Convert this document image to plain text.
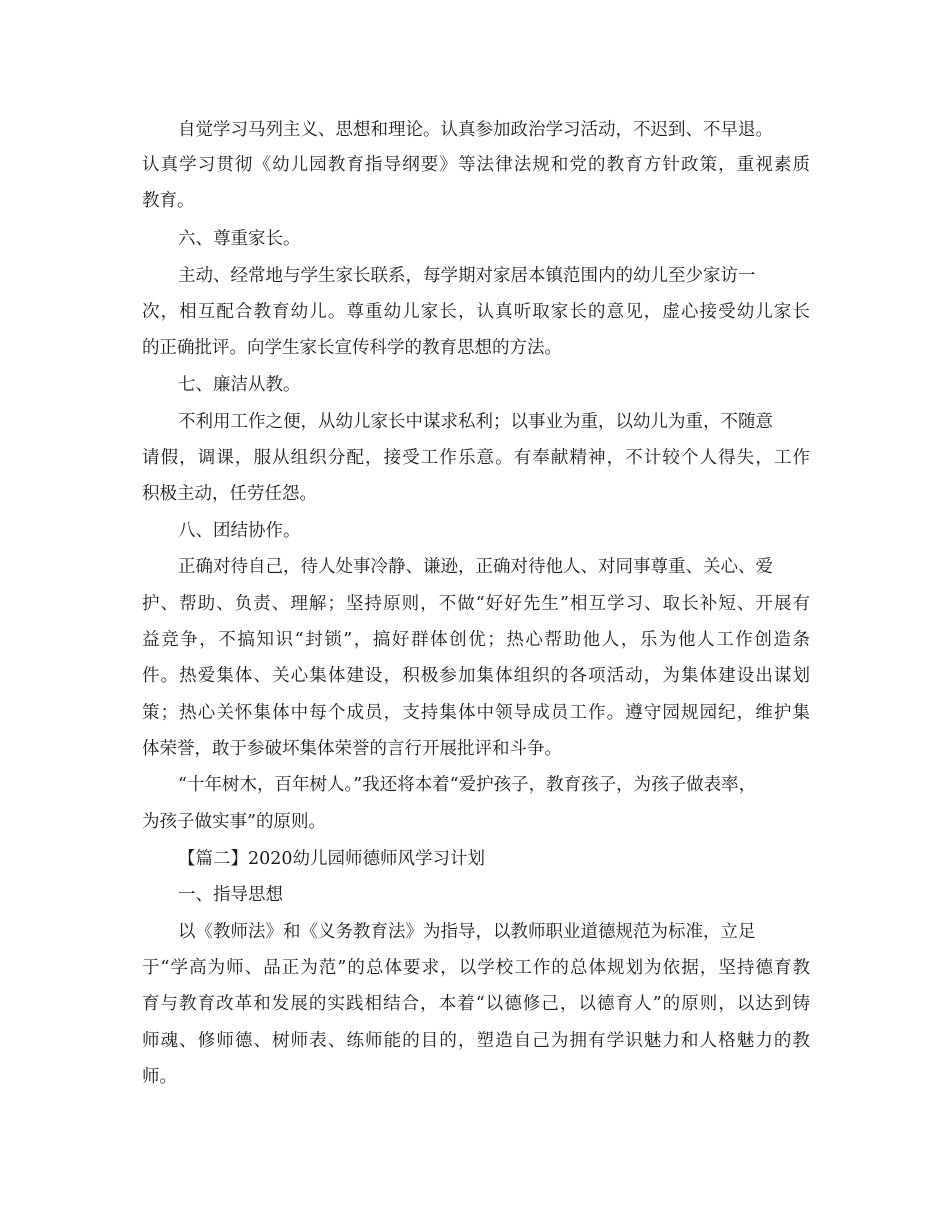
自觉学习马列主义、思想和理论。认真参加政治学习活动，不迟到、不早退。
认真学习贯彻《幼儿园教育指导纲要》等法律法规和党的教育方针政策，重视素质
教育。
六、尊重家长。
主动、经常地与学生家长联系，每学期对家居本镇范围内的幼儿至少家访一
次，相互配合教育幼儿。尊重幼儿家长，认真听取家长的意见，虚心接受幼儿家长
的正确批评。向学生家长宣传科学的教育思想的方法。
七、廉洁从教。
不利用工作之便，从幼儿家长中谋求私利；以事业为重，以幼儿为重，不随意
请假，调课，服从组织分配，接受工作乐意。有奉献精神，不计较个人得失，工作
积极主动，任劳任怨。
八、团结协作。
正确对待自己，待人处事冷静、谦逊，正确对待他人、对同事尊重、关心、爱
护、帮助、负责、理解；坚持原则，不做“好好先生”相互学习、取长补短、开展有
益竞争，不搞知识“封锁”，搞好群体创优；热心帮助他人，乐为他人工作创造条
件。热爱集体、关心集体建设，积极参加集体组织的各项活动，为集体建设出谋划
策；热心关怀集体中每个成员，支持集体中领导成员工作。遵守园规园纪，维护集
体荣誉，敢于参破坏集体荣誉的言行开展批评和斗争。
“十年树木，百年树人。”我还将本着“爱护孩子，教育孩子，为孩子做表率，
为孩子做实事”的原则。
【篇二】2020幼儿园师德师风学习计划
一、指导思想
以《教师法》和《义务教育法》为指导，以教师职业道德规范为标准，立足
于“学高为师、品正为范”的总体要求，以学校工作的总体规划为依据，坚持德育教
育与教育改革和发展的实践相结合，本着“以德修己，以德育人”的原则，以达到铸
师魂、修师德、树师表、练师能的目的，塑造自己为拥有学识魅力和人格魅力的教
师。
